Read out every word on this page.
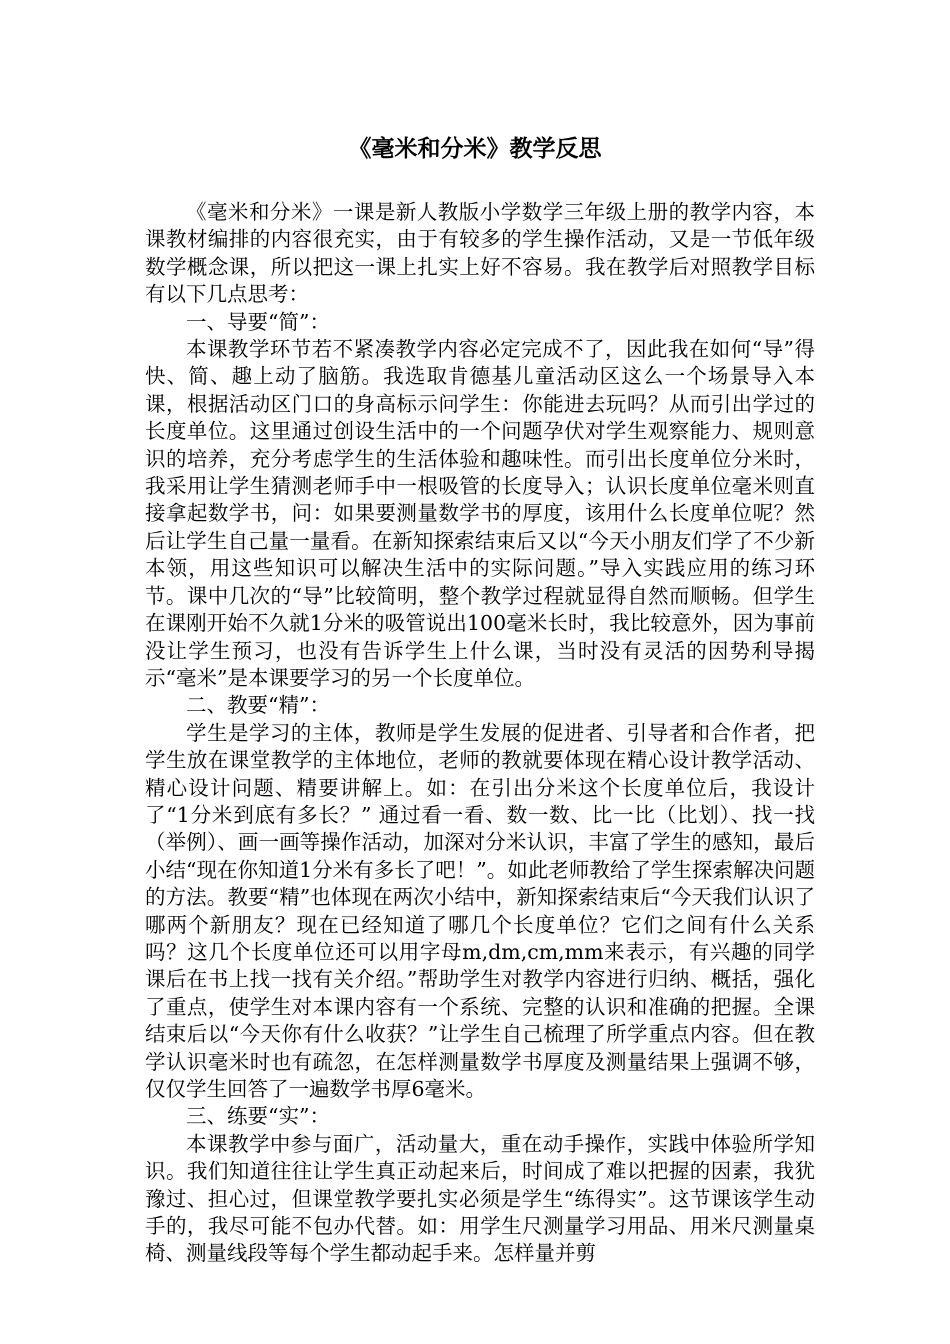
《毫米和分米》教学反思

《毫米和分米》一课是新人教版小学数学三年级上册的教学内容，本课教材编排的内容很充实，由于有较多的学生操作活动，又是一节低年级数学概念课，所以把这一课上扎实上好不容易。我在教学后对照教学目标有以下几点思考：

一、导要“简”：

本课教学环节若不紧凑教学内容必定完成不了，因此我在如何“导”得快、简、趣上动了脑筋。我选取肯德基儿童活动区这么一个场景导入本课，根据活动区门口的身高标示问学生：你能进去玩吗？从而引出学过的长度单位。这里通过创设生活中的一个问题孕伏对学生观察能力、规则意识的培养，充分考虑学生的生活体验和趣味性。而引出长度单位分米时，我采用让学生猜测老师手中一根吸管的长度导入；认识长度单位毫米则直接拿起数学书，问：如果要测量数学书的厚度，该用什么长度单位呢？然后让学生自己量一量看。在新知探索结束后又以“今天小朋友们学了不少新本领，用这些知识可以解决生活中的实际问题。”导入实践应用的练习环节。课中几次的“导”比较简明，整个教学过程就显得自然而顺畅。但学生在课刚开始不久就1分米的吸管说出100毫米长时，我比较意外，因为事前没让学生预习，也没有告诉学生上什么课，当时没有灵活的因势利导揭示“毫米”是本课要学习的另一个长度单位。

二、教要“精”：

学生是学习的主体，教师是学生发展的促进者、引导者和合作者，把学生放在课堂教学的主体地位，老师的教就要体现在精心设计教学活动、精心设计问题、精要讲解上。如：在引出分米这个长度单位后，我设计了“1分米到底有多长？” 通过看一看、数一数、比一比（比划）、找一找（举例）、画一画等操作活动，加深对分米认识，丰富了学生的感知，最后小结“现在你知道1分米有多长了吧！”。如此老师教给了学生探索解决问题的方法。教要“精”也体现在两次小结中，新知探索结束后“今天我们认识了哪两个新朋友？现在已经知道了哪几个长度单位？它们之间有什么关系吗？这几个长度单位还可以用字母m,dm,cm,mm来表示，有兴趣的同学课后在书上找一找有关介绍。”帮助学生对教学内容进行归纳、概括，强化了重点，使学生对本课内容有一个系统、完整的认识和准确的把握。全课结束后以“今天你有什么收获？”让学生自己梳理了所学重点内容。但在教学认识毫米时也有疏忽，在怎样测量数学书厚度及测量结果上强调不够，仅仅学生回答了一遍数学书厚6毫米。

三、练要“实”：

本课教学中参与面广，活动量大，重在动手操作，实践中体验所学知识。我们知道往往让学生真正动起来后，时间成了难以把握的因素，我犹豫过、担心过，但课堂教学要扎实必须是学生“练得实”。这节课该学生动手的，我尽可能不包办代替。如：用学生尺测量学习用品、用米尺测量桌椅、测量线段等每个学生都动起手来。怎样量并剪
